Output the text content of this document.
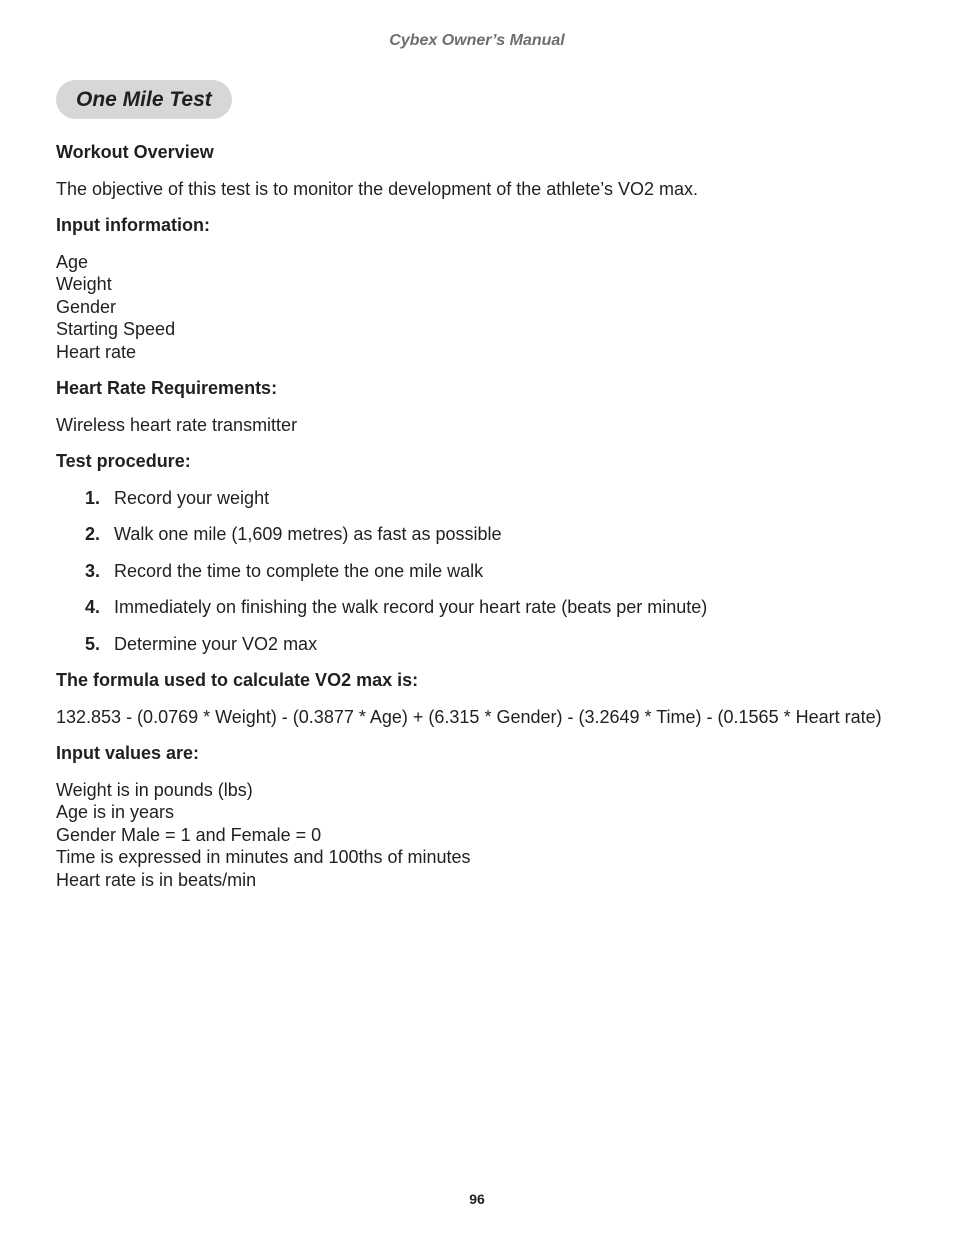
Cybex Owner’s Manual
One Mile Test
Workout Overview
The objective of this test is to monitor the development of the athlete’s VO2 max.
Input information:
Age
Weight
Gender
Starting Speed
Heart rate
Heart Rate Requirements:
Wireless heart rate transmitter
Test procedure:
1. Record your weight
2. Walk one mile (1,609 metres) as fast as possible
3. Record the time to complete the one mile walk
4. Immediately on finishing the walk record your heart rate (beats per minute)
5. Determine your VO2 max
The formula used to calculate VO2 max is:
132.853 - (0.0769 * Weight) - (0.3877 * Age) + (6.315 * Gender) - (3.2649 * Time) - (0.1565 * Heart rate)
Input values are:
Weight is in pounds (lbs)
Age is in years
Gender Male = 1 and Female = 0
Time is expressed in minutes and 100ths of minutes
Heart rate is in beats/min
96
